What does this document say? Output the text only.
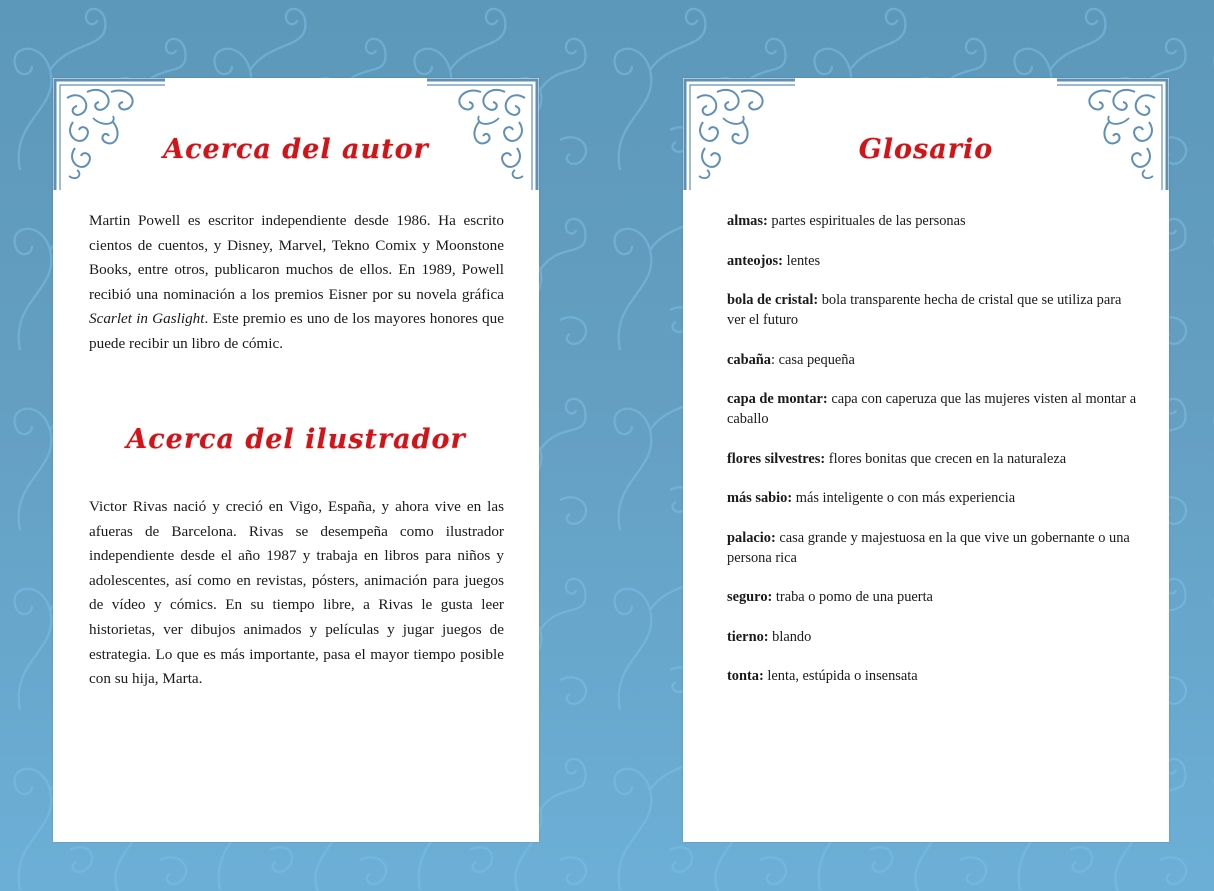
Acerca del autor
Martin Powell es escritor independiente desde 1986. Ha escrito cientos de cuentos, y Disney, Marvel, Tekno Comix y Moonstone Books, entre otros, publicaron muchos de ellos. En 1989, Powell recibió una nominación a los premios Eisner por su novela gráfica Scarlet in Gaslight. Este premio es uno de los mayores honores que puede recibir un libro de cómic.
Acerca del ilustrador
Victor Rivas nació y creció en Vigo, España, y ahora vive en las afueras de Barcelona. Rivas se desempeña como ilustrador independiente desde el año 1987 y trabaja en libros para niños y adolescentes, así como en revistas, pósters, animación para juegos de vídeo y cómics. En su tiempo libre, a Rivas le gusta leer historietas, ver dibujos animados y películas y jugar juegos de estrategia. Lo que es más importante, pasa el mayor tiempo posible con su hija, Marta.
Glosario
almas: partes espirituales de las personas
anteojos: lentes
bola de cristal: bola transparente hecha de cristal que se utiliza para ver el futuro
cabaña: casa pequeña
capa de montar: capa con caperuza que las mujeres visten al montar a caballo
flores silvestres: flores bonitas que crecen en la naturaleza
más sabio: más inteligente o con más experiencia
palacio: casa grande y majestuosa en la que vive un gobernante o una persona rica
seguro: traba o pomo de una puerta
tierno: blando
tonta: lenta, estúpida o insensata
